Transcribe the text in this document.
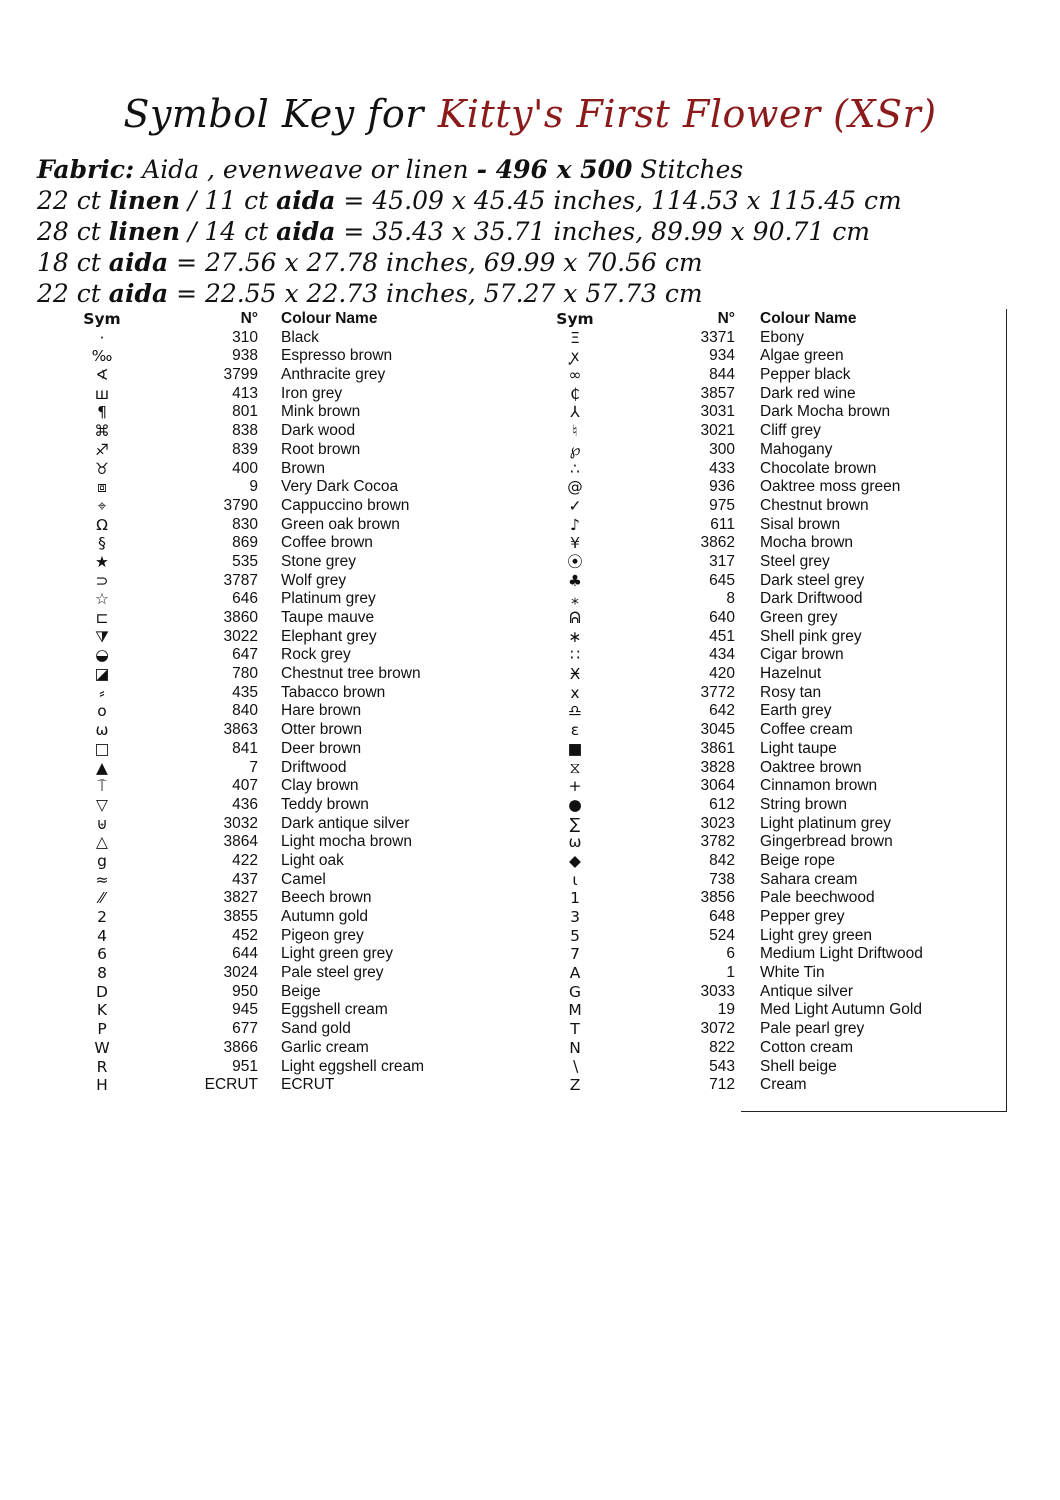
Symbol Key for Kitty's First Flower (XSr)
Fabric: Aida , evenweave or linen - 496 x 500 Stitches
22 ct linen / 11 ct aida = 45.09 x 45.45 inches, 114.53 x 115.45 cm
28 ct linen / 14 ct aida = 35.43 x 35.71 inches, 89.99 x 90.71 cm
18 ct aida = 27.56 x 27.78 inches, 69.99 x 70.56 cm
22 ct aida = 22.55 x 22.73 inches, 57.27 x 57.73 cm
Sym	N° Colour Name
·	310 Black
‰	938 Espresso brown
∢	3799 Anthracite grey
ш	413 Iron grey
¶	801 Mink brown
⌘	838 Dark wood
♐	839 Root brown
♉	400 Brown
⧈	9 Very Dark Cocoa
⌖	3790 Cappuccino brown
Ω	830 Green oak brown
§	869 Coffee brown
★	535 Stone grey
⊃	3787 Wolf grey
☆	646 Platinum grey
⊏	3860 Taupe mauve
⧩	3022 Elephant grey
◒	647 Rock grey
◪	780 Chestnut tree brown
⸗	435 Tabacco brown
o	840 Hare brown
ω	3863 Otter brown
□	841 Deer brown
▲	7 Driftwood
⍑	407 Clay brown
▽	436 Teddy brown
⊎	3032 Dark antique silver
△	3864 Light mocha brown
g	422 Light oak
≈	437 Camel
⁄⁄	3827 Beech brown
2	3855 Autumn gold
4	452 Pigeon grey
6	644 Light green grey
8	3024 Pale steel grey
D	950 Beige
K	945 Eggshell cream
P	677 Sand gold
W	3866 Garlic cream
R	951 Light eggshell cream
H	ECRUT ECRUT
Sym	N° Colour Name
Ξ	3371 Ebony
ꭙ	934 Algae green
∞	844 Pepper black
₵	3857 Dark red wine
⅄	3031 Dark Mocha brown
♮	3021 Cliff grey
℘	300 Mahogany
∴	433 Chocolate brown
@	936 Oaktree moss green
✓	975 Chestnut brown
♪	611 Sisal brown
¥	3862 Mocha brown
⦿	317 Steel grey
♣	645 Dark steel grey
⁎	8 Dark Driftwood
ᕱ	640 Green grey
∗	451 Shell pink grey
∷	434 Cigar brown
Ӿ	420 Hazelnut
x	3772 Rosy tan
♎	642 Earth grey
ɛ	3045 Coffee cream
■	3861 Light taupe
⧖	3828 Oaktree brown
+	3064 Cinnamon brown
●	612 String brown
∑	3023 Light platinum grey
ω	3782 Gingerbread brown
◆	842 Beige rope
ɩ	738 Sahara cream
1	3856 Pale beechwood
3	648 Pepper grey
5	524 Light grey green
7	6 Medium Light Driftwood
A	1 White Tin
G	3033 Antique silver
M	19 Med Light Autumn Gold
T	3072 Pale pearl grey
N	822 Cotton cream
∖	543 Shell beige
Z	712 Cream
